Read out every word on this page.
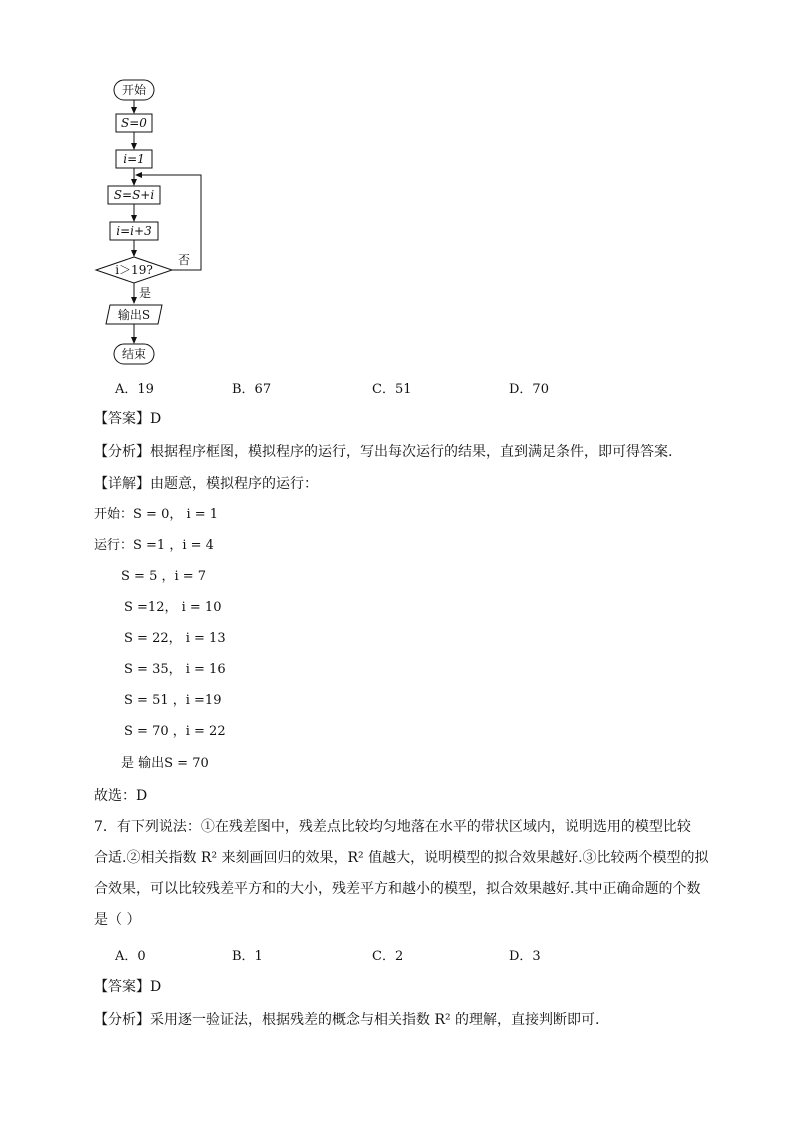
开始
S=0
i=1
S=S+i
i=i+3
i＞19?
否
是
输出S
结束
A．19	B．67	C．51	D．70
【答案】D
【分析】根据程序框图，模拟程序的运行，写出每次运行的结果，直到满足条件，即可得答案.
【详解】由题意，模拟程序的运行：
开始：S = 0， i = 1
运行：S =1 ，i = 4
S = 5 ，i = 7
S =12， i = 10
S = 22， i = 13
S = 35， i = 16
S = 51 ，i =19
S = 70 ，i = 22
是 输出S = 70
故选：D
7．有下列说法：①在残差图中，残差点比较均匀地落在水平的带状区域内，说明选用的模型比较
合适.②相关指数 R² 来刻画回归的效果，R² 值越大，说明模型的拟合效果越好.③比较两个模型的拟
合效果，可以比较残差平方和的大小，残差平方和越小的模型，拟合效果越好.其中正确命题的个数
是（ ）
A．0	B．1	C．2	D．3
【答案】D
【分析】采用逐一验证法，根据残差的概念与相关指数 R² 的理解，直接判断即可.
